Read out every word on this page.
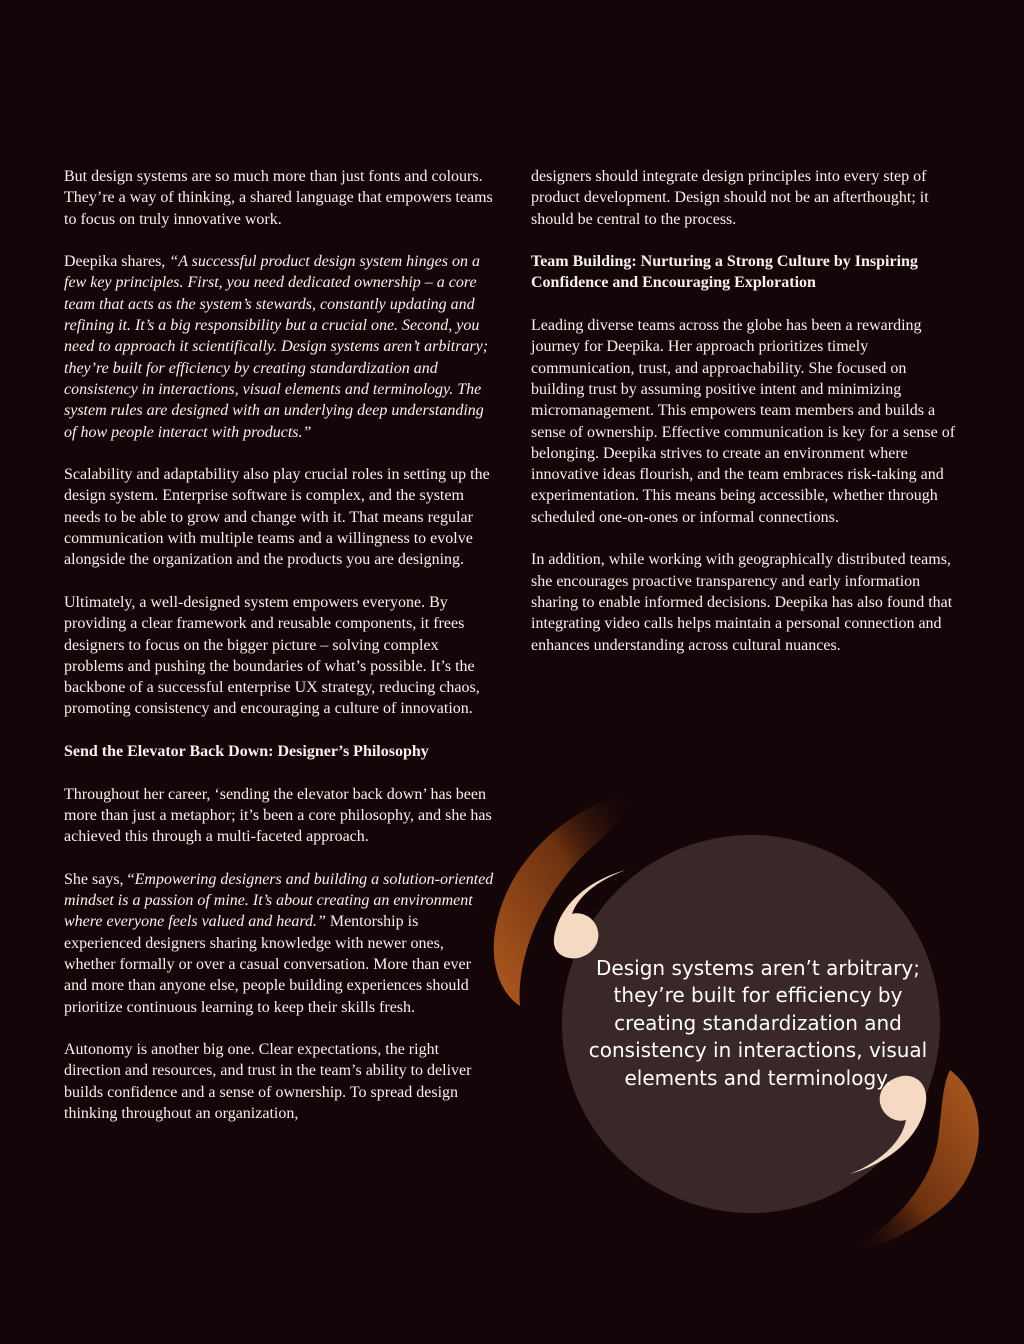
But design systems are so much more than just fonts and colours. They’re a way of thinking, a shared language that empowers teams to focus on truly innovative work.

Deepika shares, “A successful product design system hinges on a few key principles. First, you need dedicated ownership – a core team that acts as the system’s stewards, constantly updating and refining it. It’s a big responsibility but a crucial one. Second, you need to approach it scientifically. Design systems aren’t arbitrary; they’re built for efficiency by creating standardization and consistency in interactions, visual elements and terminology. The system rules are designed with an underlying deep understanding of how people interact with products.”

Scalability and adaptability also play crucial roles in setting up the design system. Enterprise software is complex, and the system needs to be able to grow and change with it. That means regular communication with multiple teams and a willingness to evolve alongside the organization and the products you are designing.

Ultimately, a well-designed system empowers everyone. By providing a clear framework and reusable components, it frees designers to focus on the bigger picture – solving complex problems and pushing the boundaries of what’s possible. It’s the backbone of a successful enterprise UX strategy, reducing chaos, promoting consistency and encouraging a culture of innovation.

Send the Elevator Back Down: Designer’s Philosophy

Throughout her career, ‘sending the elevator back down’ has been more than just a metaphor; it’s been a core philosophy, and she has achieved this through a multi-faceted approach.

She says, “Empowering designers and building a solution-oriented mindset is a passion of mine. It’s about creating an environment where everyone feels valued and heard.” Mentorship is experienced designers sharing knowledge with newer ones, whether formally or over a casual conversation. More than ever and more than anyone else, people building experiences should prioritize continuous learning to keep their skills fresh.

Autonomy is another big one. Clear expectations, the right direction and resources, and trust in the team’s ability to deliver builds confidence and a sense of ownership. To spread design thinking throughout an organization,

designers should integrate design principles into every step of product development. Design should not be an afterthought; it should be central to the process.

Team Building: Nurturing a Strong Culture by Inspiring Confidence and Encouraging Exploration

Leading diverse teams across the globe has been a rewarding journey for Deepika. Her approach prioritizes timely communication, trust, and approachability. She focused on building trust by assuming positive intent and minimizing micromanagement. This empowers team members and builds a sense of ownership. Effective communication is key for a sense of belonging. Deepika strives to create an environment where innovative ideas flourish, and the team embraces risk-taking and experimentation. This means being accessible, whether through scheduled one-on-ones or informal connections.

In addition, while working with geographically distributed teams, she encourages proactive transparency and early information sharing to enable informed decisions. Deepika has also found that integrating video calls helps maintain a personal connection and enhances understanding across cultural nuances.

Design systems aren’t arbitrary; they’re built for efficiency by creating standardization and consistency in interactions, visual elements and terminology.
